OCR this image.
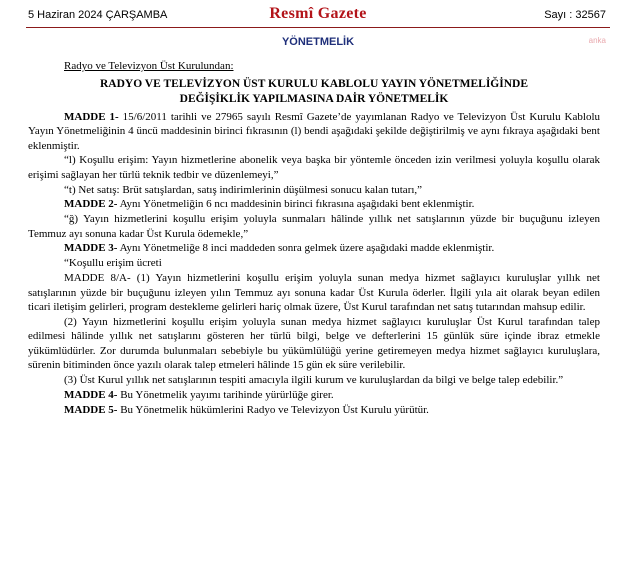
5 Haziran 2024 ÇARŞAMBA	Resmî Gazete	Sayı : 32567
YÖNETMELİK	anka
Radyo ve Televizyon Üst Kurulundan:
RADYO VE TELEVİZYON ÜST KURULU KABLOLU YAYIN YÖNETMELİĞİNDE
DEĞİŞİKLİK YAPILMASINA DAİR YÖNETMELİK

MADDE 1- 15/6/2011 tarihli ve 27965 sayılı Resmî Gazete’de yayımlanan Radyo ve Televizyon Üst Kurulu Kablolu Yayın Yönetmeliğinin 4 üncü maddesinin birinci fıkrasının (l) bendi aşağıdaki şekilde değiştirilmiş ve aynı fıkraya aşağıdaki bent eklenmiştir.

“l) Koşullu erişim: Yayın hizmetlerine abonelik veya başka bir yöntemle önceden izin verilmesi yoluyla koşullu olarak erişimi sağlayan her türlü teknik tedbir ve düzenlemeyi,”

“t) Net satış: Brüt satışlardan, satış indirimlerinin düşülmesi sonucu kalan tutarı,”

MADDE 2- Aynı Yönetmeliğin 6 ncı maddesinin birinci fıkrasına aşağıdaki bent eklenmiştir.

“ğ) Yayın hizmetlerini koşullu erişim yoluyla sunmaları hâlinde yıllık net satışlarının yüzde bir buçuğunu izleyen Temmuz ayı sonuna kadar Üst Kurula ödemekle,”

MADDE 3- Aynı Yönetmeliğe 8 inci maddeden sonra gelmek üzere aşağıdaki madde eklenmiştir.

“Koşullu erişim ücreti

MADDE 8/A- (1) Yayın hizmetlerini koşullu erişim yoluyla sunan medya hizmet sağlayıcı kuruluşlar yıllık net satışlarının yüzde bir buçuğunu izleyen yılın Temmuz ayı sonuna kadar Üst Kurula öderler. İlgili yıla ait olarak beyan edilen ticari iletişim gelirleri, program destekleme gelirleri hariç olmak üzere, Üst Kurul tarafından net satış tutarından mahsup edilir.

(2) Yayın hizmetlerini koşullu erişim yoluyla sunan medya hizmet sağlayıcı kuruluşlar Üst Kurul tarafından talep edilmesi hâlinde yıllık net satışlarını gösteren her türlü bilgi, belge ve defterlerini 15 günlük süre içinde ibraz etmekle yükümlüdürler. Zor durumda bulunmaları sebebiyle bu yükümlülüğü yerine getiremeyen medya hizmet sağlayıcı kuruluşlara, sürenin bitiminden önce yazılı olarak talep etmeleri hâlinde 15 gün ek süre verilebilir.

(3) Üst Kurul yıllık net satışlarının tespiti amacıyla ilgili kurum ve kuruluşlardan da bilgi ve belge talep edebilir.”

MADDE 4- Bu Yönetmelik yayımı tarihinde yürürlüğe girer.

MADDE 5- Bu Yönetmelik hükümlerini Radyo ve Televizyon Üst Kurulu yürütür.
